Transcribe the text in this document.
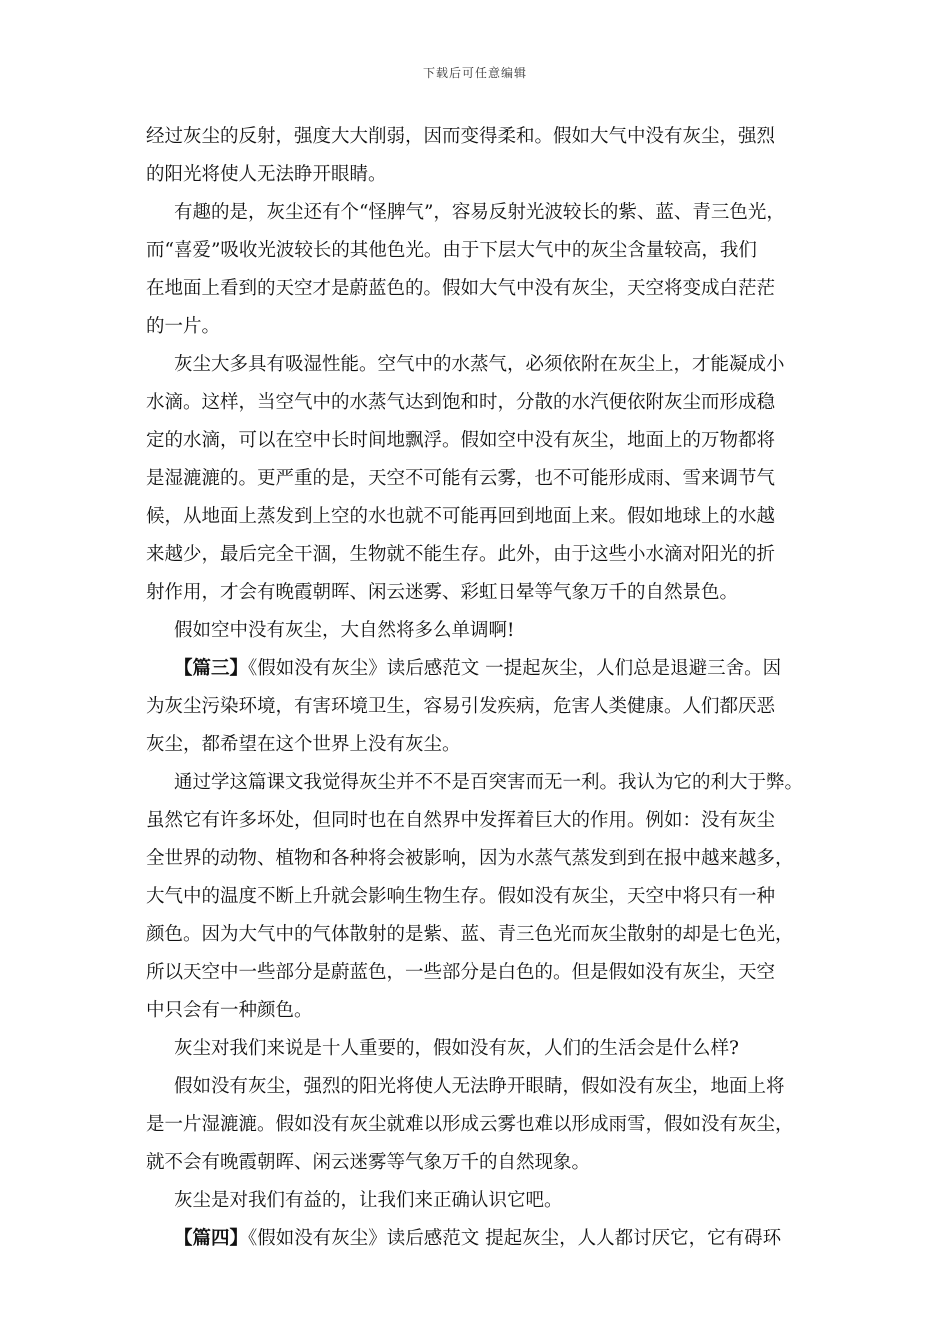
下载后可任意编辑
经过灰尘的反射，强度大大削弱，因而变得柔和。假如大气中没有灰尘，强烈
的阳光将使人无法睁开眼睛。
有趣的是，灰尘还有个“怪脾气”，容易反射光波较长的紫、蓝、青三色光，
而“喜爱”吸收光波较长的其他色光。由于下层大气中的灰尘含量较高，我们
在地面上看到的天空才是蔚蓝色的。假如大气中没有灰尘，天空将变成白茫茫
的一片。
灰尘大多具有吸湿性能。空气中的水蒸气，必须依附在灰尘上，才能凝成小
水滴。这样，当空气中的水蒸气达到饱和时，分散的水汽便依附灰尘而形成稳
定的水滴，可以在空中长时间地飘浮。假如空中没有灰尘，地面上的万物都将
是湿漉漉的。更严重的是，天空不可能有云雾，也不可能形成雨、雪来调节气
候，从地面上蒸发到上空的水也就不可能再回到地面上来。假如地球上的水越
来越少，最后完全干涸，生物就不能生存。此外，由于这些小水滴对阳光的折
射作用，才会有晚霞朝晖、闲云迷雾、彩虹日晕等气象万千的自然景色。
假如空中没有灰尘，大自然将多么单调啊!
【篇三】《假如没有灰尘》读后感范文 一提起灰尘，人们总是退避三舍。因
为灰尘污染环境，有害环境卫生，容易引发疾病，危害人类健康。人们都厌恶
灰尘，都希望在这个世界上没有灰尘。
通过学这篇课文我觉得灰尘并不不是百突害而无一利。我认为它的利大于弊。
虽然它有许多坏处，但同时也在自然界中发挥着巨大的作用。例如：没有灰尘
全世界的动物、植物和各种将会被影响，因为水蒸气蒸发到到在报中越来越多，
大气中的温度不断上升就会影响生物生存。假如没有灰尘，天空中将只有一种
颜色。因为大气中的气体散射的是紫、蓝、青三色光而灰尘散射的却是七色光，
所以天空中一些部分是蔚蓝色，一些部分是白色的。但是假如没有灰尘，天空
中只会有一种颜色。
灰尘对我们来说是十人重要的，假如没有灰，人们的生活会是什么样?
假如没有灰尘，强烈的阳光将使人无法睁开眼睛，假如没有灰尘，地面上将
是一片湿漉漉。假如没有灰尘就难以形成云雾也难以形成雨雪，假如没有灰尘，
就不会有晚霞朝晖、闲云迷雾等气象万千的自然现象。
灰尘是对我们有益的，让我们来正确认识它吧。
【篇四】《假如没有灰尘》读后感范文 提起灰尘，人人都讨厌它，它有碍环
